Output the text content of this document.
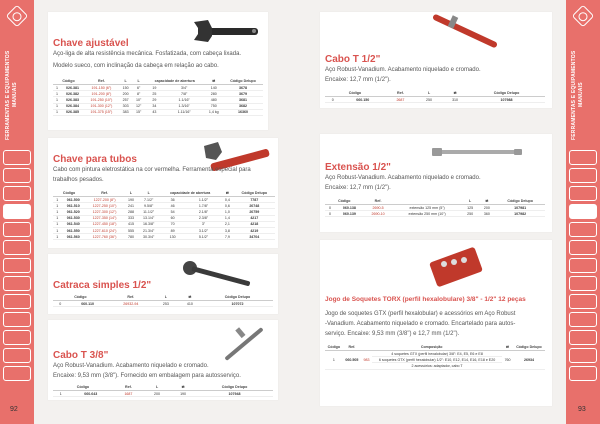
FERRAMENTAS E EQUIPAMENTOS MANUAIS
Chave ajustável
Aço-liga de alta resistência mecânica. Fosfatizada, com cabeça lixada.
Modelo sueco, com inclinação da cabeça em relação ao cabo.
Código		Ref.	L	L	capacidade de abertura		⇄	Código Delupo
1	026.381	191-150 (6")	150	6"	19	3/4"	140	3678
1	026.382	191-200 (8")	200	8"	25	7/8"	280	3679
1	026.383	191-250 (10")	257	10"	29	1.1/16"	480	3681
1	026.384	191-300 (12")	303	12"	34	1.3/16"	750	3682
1	026.385	191-375 (15")	383	15"	43	1.11/16"	1,4 kg	16360
Chave para tubos
Cabo com pintura eletrostática na cor vermelha. Ferramenta especial para
trabalhos pesados.
Código		Ref.	L	L	capacidade de abertura		⇄	Código Delupo
1	061.500	1227-200 (8")	190	7.1/2"	36	1.1/2"	0,4	7787
1	061.510	1227-250 (10")	241	9.5/8"	46	1.7/8"	0,6	20748
1	061.520	1227-300 (12")	288	11.1/2"	54	2.1/8"	1,0	20759
1	061.530	1227-350 (14")	333	13.1/4"	60	2.3/8"	1,4	4217
1	061.540	1227-450 (18")	415	16.3/8"	70	3"	2,1	4218
1	061.550	1227-610 (24")	555	21.3/4"	89	3.1/2"	3,8	4219
1	061.560	1227-760 (36")	780	30.3/4"	130	5.1/2"	7,9	34704
Catraca simples 1/2"
Código		Ref.	L	⇄	Código Delupo
0	060.110	26932-94	253	410	107072
Cabo T 3/8"
Aço Robust-Vanadium. Acabamento niquelado e cromado.
Encaixe: 9,53 mm (3/8"). Fornecido em embalagem para autosserviço.
Código		Ref.	L	⇄	Código Delupo
1	060.643	1687	200	190	107948
92
FERRAMENTAS E EQUIPAMENTOS MANUAIS
Cabo T 1/2"
Aço Robust-Vanadium. Acabamento niquelado e cromado.
Encaixe: 12,7 mm (1/2").
Código		Ref.	L	⇄	Código Delupo
0	060.150	2687	250	310	107988
Extensão 1/2"
Aço Robust-Vanadium. Acabamento niquelado e cromado.
Encaixe: 12,7 mm (1/2").
Código		Ref.		L	⇄	Código Delupo
0	060.138	2690-5	extensão 125 mm (5")	125	200	107981
0	060.139	2690-10	extensão 250 mm (10")	250	360	107982
Jogo de Soquetes TORX (perfil hexalobulare) 3/8" - 1/2" 12 peças
Jogo de soquetes GTX (perfil hexalobular) e acessórios em Aço Robust
-Vanadium. Acabamento niquelado e cromado. Encartelado para autos-
serviço. Encaixe: 9,53 mm (3/8") e 12,7 mm (1/2").
Código	Ref.	Composição		⇄	Código Delupo
1	060.505	983	4 soquetes GTX (perfil hexalobular) 3/8": E4, E5, E6 e E8	760	26934
			6 soquetes GTX (perfil hexalobular) 1/2": E10, E12, E14, E16, E18 e E20		
			2 acessórios: adaptador, cabo T		
93
